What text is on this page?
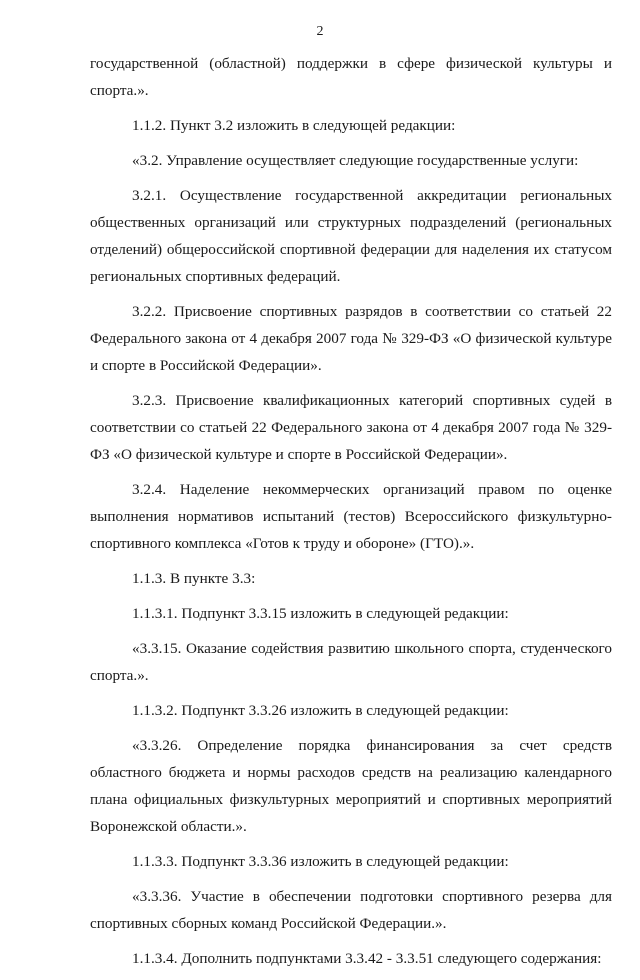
2

государственной (областной) поддержки в сфере физической культуры и спорта.».

1.1.2. Пункт 3.2 изложить в следующей редакции:

«3.2. Управление осуществляет следующие государственные услуги:

3.2.1. Осуществление государственной аккредитации региональных общественных организаций или структурных подразделений (региональных отделений) общероссийской спортивной федерации для наделения их статусом региональных спортивных федераций.

3.2.2. Присвоение спортивных разрядов в соответствии со статьей 22 Федерального закона от 4 декабря 2007 года № 329-ФЗ «О физической культуре и спорте в Российской Федерации».

3.2.3. Присвоение квалификационных категорий спортивных судей в соответствии со статьей 22 Федерального закона от 4 декабря 2007 года № 329-ФЗ «О физической культуре и спорте в Российской Федерации».

3.2.4. Наделение некоммерческих организаций правом по оценке выполнения нормативов испытаний (тестов) Всероссийского физкультурно-спортивного комплекса «Готов к труду и обороне» (ГТО).».

1.1.3. В пункте 3.3:

1.1.3.1. Подпункт 3.3.15 изложить в следующей редакции:

«3.3.15. Оказание содействия развитию школьного спорта, студенческого спорта.».

1.1.3.2. Подпункт 3.3.26 изложить в следующей редакции:

«3.3.26. Определение порядка финансирования за счет средств областного бюджета и нормы расходов средств на реализацию календарного плана официальных физкультурных мероприятий и спортивных мероприятий Воронежской области.».

1.1.3.3. Подпункт 3.3.36 изложить в следующей редакции:

«3.3.36. Участие в обеспечении подготовки спортивного резерва для спортивных сборных команд Российской Федерации.».

1.1.3.4. Дополнить подпунктами 3.3.42 - 3.3.51 следующего содержания:
